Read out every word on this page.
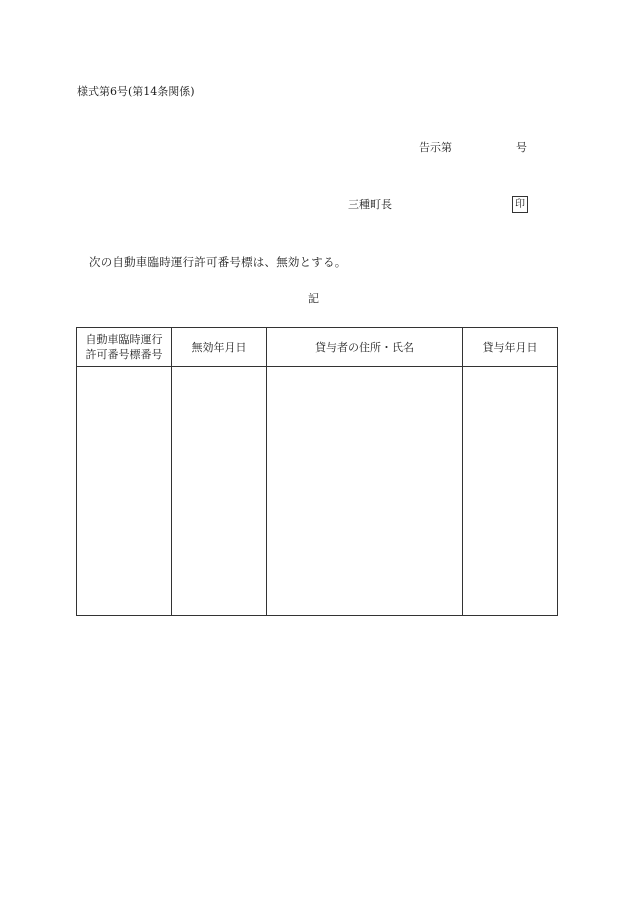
様式第6号(第14条関係)
告示第	号
三種町長	印
次の自動車臨時運行許可番号標は、無効とする。
記
自動車臨時運行
許可番号標番号	無効年月日	貸与者の住所・氏名	貸与年月日
